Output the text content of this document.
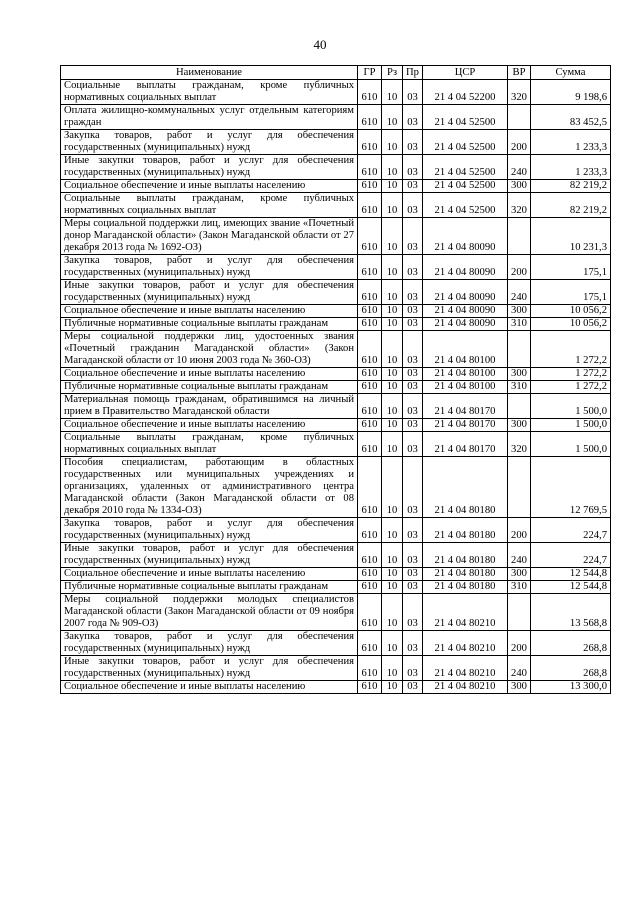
40
Наименование	ГР	Рз	Пр	ЦСР	ВР	Сумма
Социальные выплаты гражданам, кроме публичных нормативных социальных выплат	610	10	03	21 4 04 52200	320	9 198,6
Оплата жилищно-коммунальных услуг отдельным категориям граждан	610	10	03	21 4 04 52500		83 452,5
Закупка товаров, работ и услуг для обеспечения государственных (муниципальных) нужд	610	10	03	21 4 04 52500	200	1 233,3
Иные закупки товаров, работ и услуг для обеспечения государственных (муниципальных) нужд	610	10	03	21 4 04 52500	240	1 233,3
Социальное обеспечение и иные выплаты населению	610	10	03	21 4 04 52500	300	82 219,2
Социальные выплаты гражданам, кроме публичных нормативных социальных выплат	610	10	03	21 4 04 52500	320	82 219,2
Меры социальной поддержки лиц, имеющих звание «Почетный донор Магаданской области» (Закон Магаданской области от 27 декабря 2013 года № 1692-ОЗ)	610	10	03	21 4 04 80090		10 231,3
Закупка товаров, работ и услуг для обеспечения государственных (муниципальных) нужд	610	10	03	21 4 04 80090	200	175,1
Иные закупки товаров, работ и услуг для обеспечения государственных (муниципальных) нужд	610	10	03	21 4 04 80090	240	175,1
Социальное обеспечение и иные выплаты населению	610	10	03	21 4 04 80090	300	10 056,2
Публичные нормативные социальные выплаты гражданам	610	10	03	21 4 04 80090	310	10 056,2
Меры социальной поддержки лиц, удостоенных звания «Почетный гражданин Магаданской области» (Закон Магаданской области от 10 июня 2003 года № 360-ОЗ)	610	10	03	21 4 04 80100		1 272,2
Социальное обеспечение и иные выплаты населению	610	10	03	21 4 04 80100	300	1 272,2
Публичные нормативные социальные выплаты гражданам	610	10	03	21 4 04 80100	310	1 272,2
Материальная помощь гражданам, обратившимся на личный прием в Правительство Магаданской области	610	10	03	21 4 04 80170		1 500,0
Социальное обеспечение и иные выплаты населению	610	10	03	21 4 04 80170	300	1 500,0
Социальные выплаты гражданам, кроме публичных нормативных социальных выплат	610	10	03	21 4 04 80170	320	1 500,0
Пособия специалистам, работающим в областных государственных или муниципальных учреждениях и организациях, удаленных от административного центра Магаданской области (Закон Магаданской области от 08 декабря 2010 года № 1334-ОЗ)	610	10	03	21 4 04 80180		12 769,5
Закупка товаров, работ и услуг для обеспечения государственных (муниципальных) нужд	610	10	03	21 4 04 80180	200	224,7
Иные закупки товаров, работ и услуг для обеспечения государственных (муниципальных) нужд	610	10	03	21 4 04 80180	240	224,7
Социальное обеспечение и иные выплаты населению	610	10	03	21 4 04 80180	300	12 544,8
Публичные нормативные социальные выплаты гражданам	610	10	03	21 4 04 80180	310	12 544,8
Меры социальной поддержки молодых специалистов Магаданской области (Закон Магаданской области от 09 ноября 2007 года № 909-ОЗ)	610	10	03	21 4 04 80210		13 568,8
Закупка товаров, работ и услуг для обеспечения государственных (муниципальных) нужд	610	10	03	21 4 04 80210	200	268,8
Иные закупки товаров, работ и услуг для обеспечения государственных (муниципальных) нужд	610	10	03	21 4 04 80210	240	268,8
Социальное обеспечение и иные выплаты населению	610	10	03	21 4 04 80210	300	13 300,0
